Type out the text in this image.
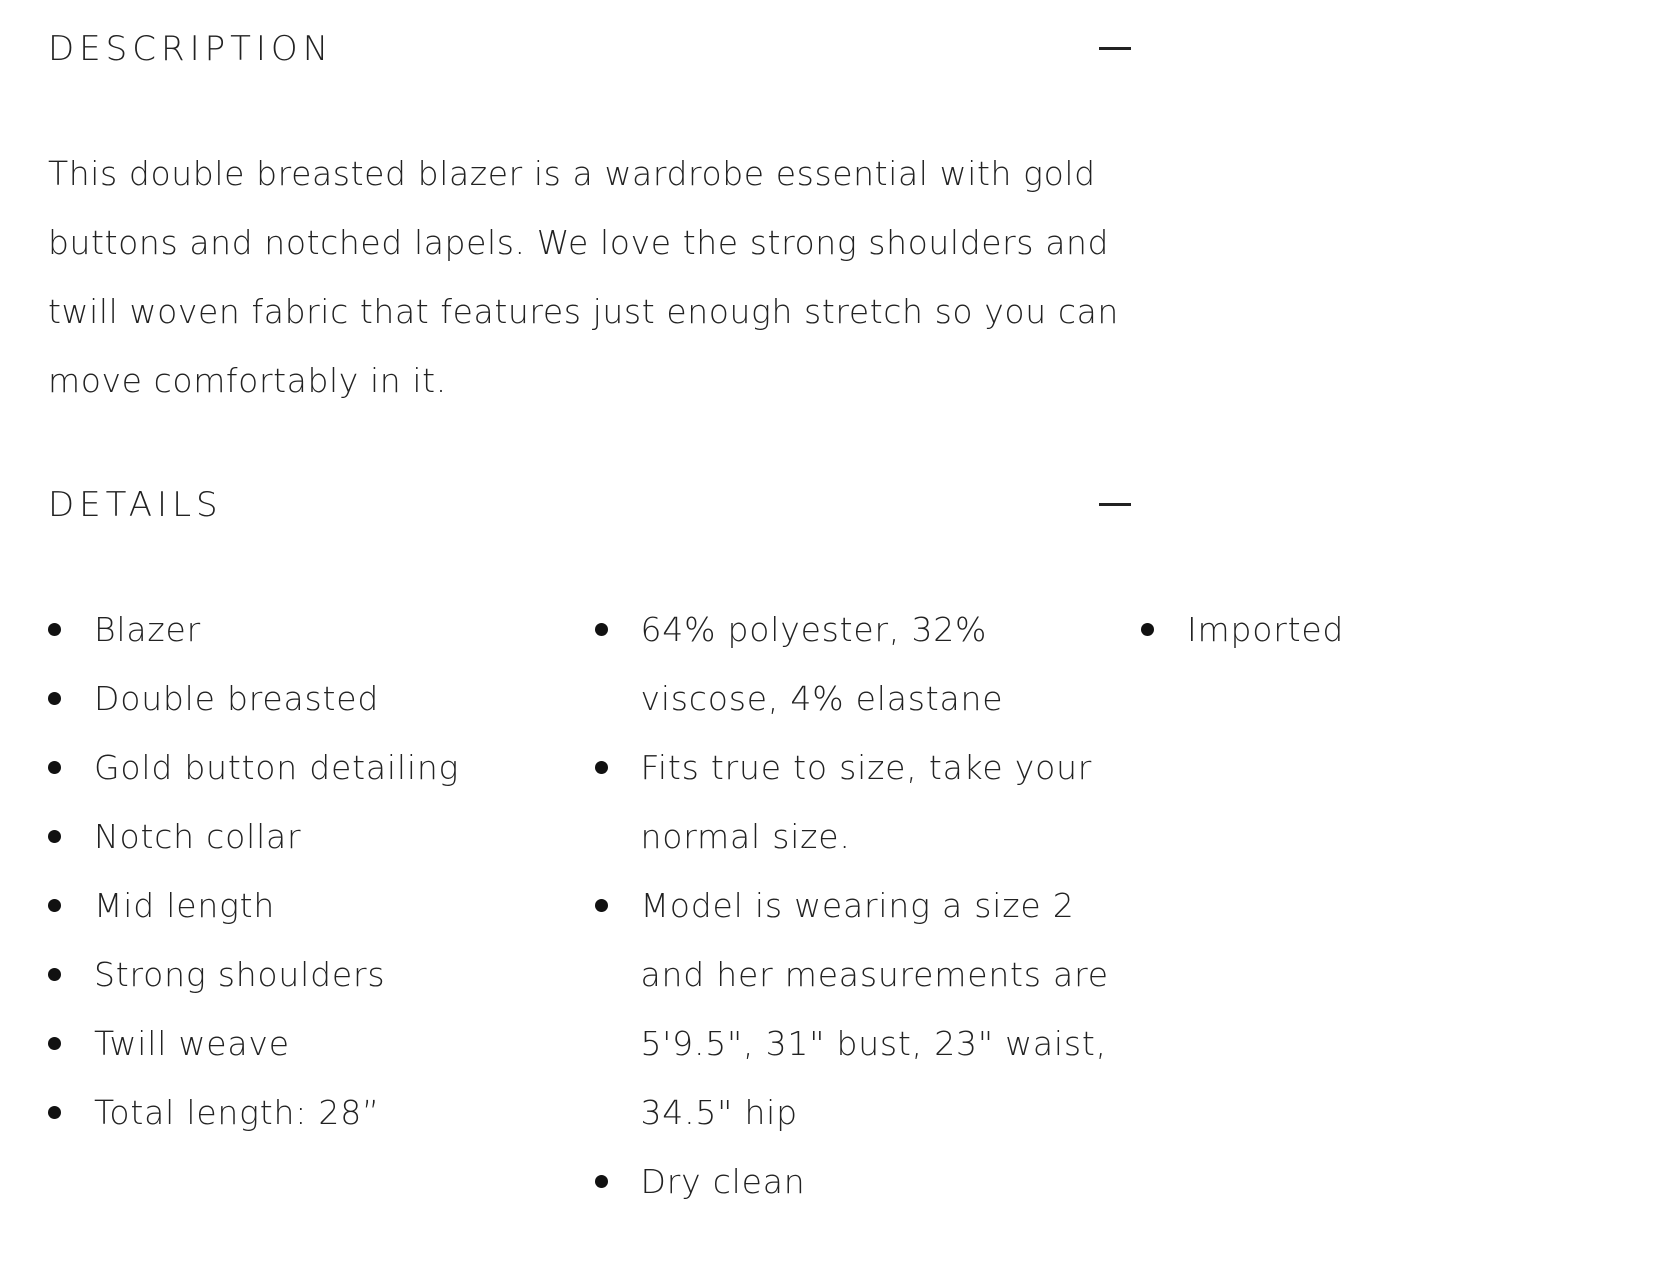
DESCRIPTION

This double breasted blazer is a wardrobe essential with gold buttons and notched lapels. We love the strong shoulders and twill woven fabric that features just enough stretch so you can move comfortably in it.

DETAILS
Blazer
Double breasted
Gold button detailing
Notch collar
Mid length
Strong shoulders
Twill weave
Total length: 28”
64% polyester, 32% viscose, 4% elastane
Fits true to size, take your normal size.
Model is wearing a size 2 and her measurements are 5'9.5", 31" bust, 23" waist, 34.5" hip
Dry clean
Imported
